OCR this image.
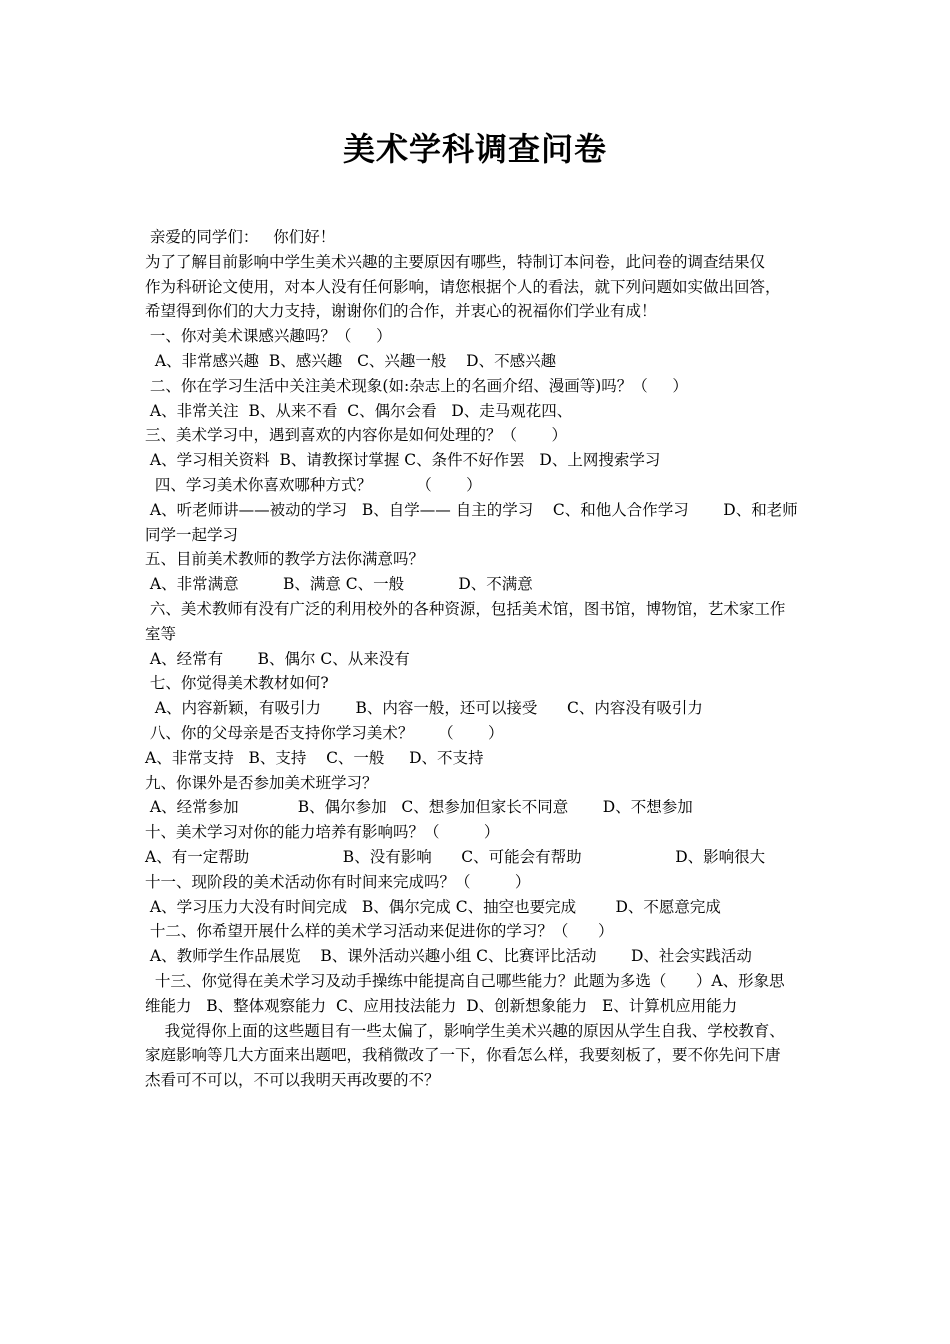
美术学科调查问卷
亲爱的同学们：   你们好！
为了了解目前影响中学生美术兴趣的主要原因有哪些，特制订本问卷，此问卷的调查结果仅
作为科研论文使用，对本人没有任何影响，请您根据个人的看法，就下列问题如实做出回答，
希望得到你们的大力支持，谢谢你们的合作，并衷心的祝福你们学业有成！
一、你对美术课感兴趣吗？（     ）
A、非常感兴趣  B、感兴趣   C、兴趣一般    D、不感兴趣
二、你在学习生活中关注美术现象(如:杂志上的名画介绍、漫画等)吗？（     ）
A、非常关注  B、从来不看  C、偶尔会看   D、走马观花四、
三、美术学习中，遇到喜欢的内容你是如何处理的？（       ）
A、学习相关资料  B、请教探讨掌握 C、条件不好作罢   D、上网搜索学习
四、学习美术你喜欢哪种方式？         （       ）
A、听老师讲——被动的学习   B、自学—— 自主的学习    C、和他人合作学习       D、和老师
同学一起学习
五、目前美术教师的教学方法你满意吗？
A、非常满意         B、满意 C、一般           D、不满意
六、美术教师有没有广泛的利用校外的各种资源，包括美术馆，图书馆，博物馆，艺术家工作
室等
A、经常有       B、偶尔 C、从来没有
七、你觉得美术教材如何?
A、内容新颖，有吸引力       B、内容一般，还可以接受      C、内容没有吸引力
八、你的父母亲是否支持你学习美术？     （       ）
A、非常支持   B、支持    C、一般     D、不支持
九、你课外是否参加美术班学习？
A、经常参加            B、偶尔参加   C、想参加但家长不同意       D、不想参加
十、美术学习对你的能力培养有影响吗？（         ）
A、有一定帮助                   B、没有影响      C、可能会有帮助                   D、影响很大
十一、现阶段的美术活动你有时间来完成吗？（         ）
A、学习压力大没有时间完成   B、偶尔完成 C、抽空也要完成        D、不愿意完成
十二、你希望开展什么样的美术学习活动来促进你的学习？（      ）
A、教师学生作品展览    B、课外活动兴趣小组 C、比赛评比活动       D、社会实践活动
十三、你觉得在美术学习及动手操练中能提高自己哪些能力？此题为多选（      ）A、形象思
维能力   B、整体观察能力  C、应用技法能力  D、创新想象能力   E、计算机应用能力
我觉得你上面的这些题目有一些太偏了，影响学生美术兴趣的原因从学生自我、学校教育、
家庭影响等几大方面来出题吧，我稍微改了一下，你看怎么样，我要刻板了，要不你先问下唐
杰看可不可以，不可以我明天再改要的不？
